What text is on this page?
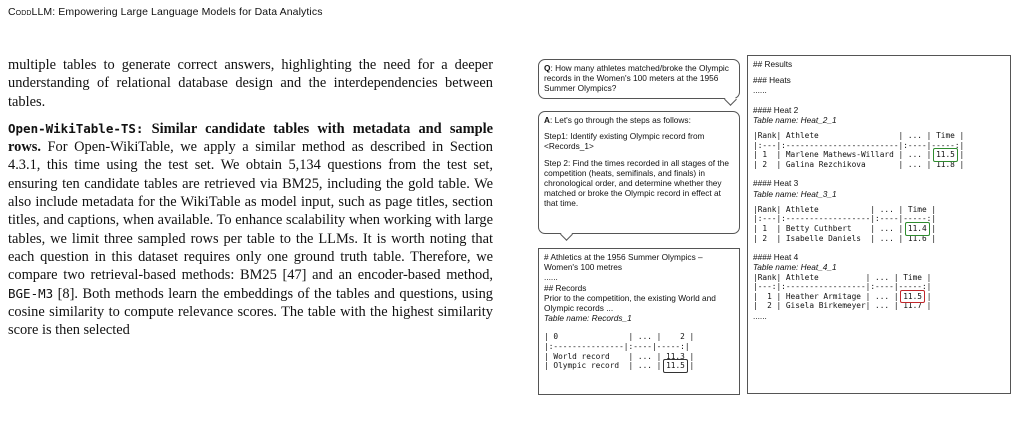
CoddLLM: Empowering Large Language Models for Data Analytics

multiple tables to generate correct answers, highlighting the need for a deeper understanding of relational database design and the interdependencies between tables.

Open-WikiTable-TS: Similar candidate tables with metadata and sample rows. For Open-WikiTable, we apply a similar method as described in Section 4.3.1, this time using the test set. We obtain 5,134 questions from the test set, ensuring ten candidate tables are retrieved via BM25, including the gold table. We also include metadata for the WikiTable as model input, such as page titles, section titles, and captions, when available. To enhance scalability when working with large tables, we limit three sampled rows per table to the LLMs. It is worth noting that each question in this dataset requires only one ground truth table. Therefore, we compare two retrieval-based methods: BM25 [47] and an encoder-based method, BGE-M3 [8]. Both methods learn the embeddings of the tables and questions, using cosine similarity to compute relevance scores. The table with the highest similarity score is then selected

Q: How many athletes matched/broke the Olympic records in the Women's 100 meters at the 1956 Summer Olympics?
A: Let's go through the steps as follows:
Step1: Identify existing Olympic record from <Records_1>
Step 2: Find the times recorded in all stages of the competition (heats, semifinals, and finals) in chronological order, and determine whether they matched or broke the Olympic record in effect at that time.
# Athletics at the 1956 Summer Olympics – Women's 100 metres
......
## Records
Prior to the competition, the existing World and Olympic records ...
Table name: Records_1
| 0               | ... |    2 |
|:---------------|:----|-----:|
| World record    | ... | 11.3 |
| Olympic record  | ... | 11.5
|
## Results
### Heats
......
#### Heat 2
Table name: Heat_2_1
|Rank| Athlete                 | ... | Time |
|:---|:------------------------|:----|-----:|
| 1  | Marlene Mathews-Willard | ... | 11.5
|
| 2  | Galina Rezchikova       | ... | 11.8 |
#### Heat 3
Table name: Heat_3_1
|Rank| Athlete           | ... | Time |
|:---|:------------------|:----|-----:|
| 1  | Betty Cuthbert    | ... | 11.4
|
| 2  | Isabelle Daniels  | ... | 11.6 |
#### Heat 4
Table name: Heat_4_1
|Rank| Athlete          | ... | Time |
|---:|:-----------------|:----|-----:|
|  1 | Heather Armitage | ... | 11.5
|
|  2 | Gisela Birkemeyer| ... | 11.7 |
......
